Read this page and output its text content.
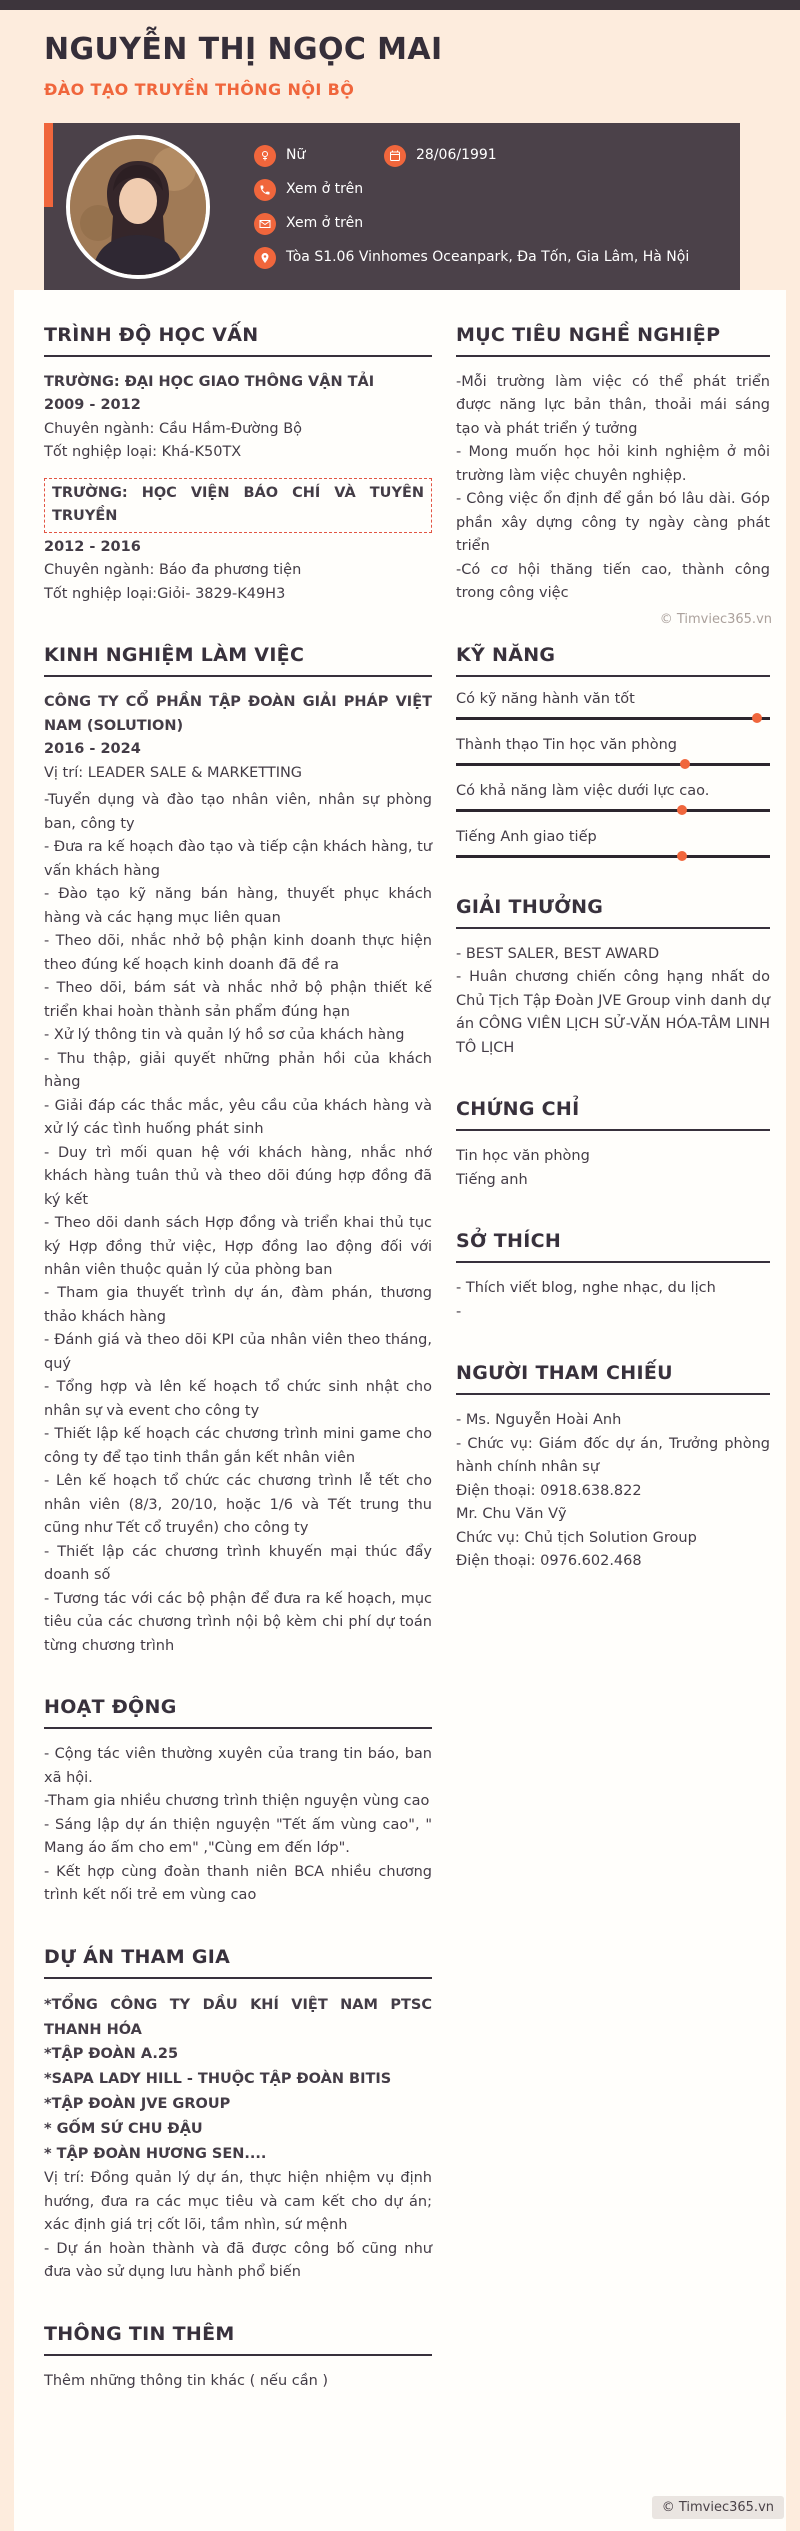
NGUYỄN THỊ NGỌC MAI
ĐÀO TẠO TRUYỀN THÔNG NỘI BỘ
Nữ	28/06/1991
Xem ở trên
Xem ở trên
Tòa S1.06 Vinhomes Oceanpark, Đa Tốn, Gia Lâm, Hà Nội
TRÌNH ĐỘ HỌC VẤN

TRƯỜNG: ĐẠI HỌC GIAO THÔNG VẬN TẢI

2009 - 2012

Chuyên ngành: Cầu Hầm-Đường Bộ

Tốt nghiệp loại: Khá-K50TX

TRƯỜNG: HỌC VIỆN BÁO CHÍ VÀ TUYÊN TRUYỀN

2012 - 2016

Chuyên ngành: Báo đa phương tiện

Tốt nghiệp loại:Giỏi- 3829-K49H3

KINH NGHIỆM LÀM VIỆC

CÔNG TY CỔ PHẦN TẬP ĐOÀN GIẢI PHÁP VIỆT NAM (SOLUTION)

2016 - 2024

Vị trí: LEADER SALE & MARKETTING

-Tuyển dụng và đào tạo nhân viên, nhân sự phòng ban, công ty

- Đưa ra kế hoạch đào tạo và tiếp cận khách hàng, tư vấn khách hàng

- Đào tạo kỹ năng bán hàng, thuyết phục khách hàng và các hạng mục liên quan

- Theo dõi, nhắc nhở bộ phận kinh doanh thực hiện theo đúng kế hoạch kinh doanh đã đề ra

- Theo dõi, bám sát và nhắc nhở bộ phận thiết kế triển khai hoàn thành sản phẩm đúng hạn

- Xử lý thông tin và quản lý hồ sơ của khách hàng

- Thu thập, giải quyết những phản hồi của khách hàng

- Giải đáp các thắc mắc, yêu cầu của khách hàng và xử lý các tình huống phát sinh

- Duy trì mối quan hệ với khách hàng, nhắc nhớ khách hàng tuân thủ và theo dõi đúng hợp đồng đã ký kết

- Theo dõi danh sách Hợp đồng và triển khai thủ tục ký Hợp đồng thử việc, Hợp đồng lao động đối với nhân viên thuộc quản lý của phòng ban

- Tham gia thuyết trình dự án, đàm phán, thương thảo khách hàng

- Đánh giá và theo dõi KPI của nhân viên theo tháng, quý

- Tổng hợp và lên kế hoạch tổ chức sinh nhật cho nhân sự và event cho công ty

- Thiết lập kế hoạch các chương trình mini game cho công ty để tạo tinh thần gắn kết nhân viên

- Lên kế hoạch tổ chức các chương trình lễ tết cho nhân viên (8/3, 20/10, hoặc 1/6 và Tết trung thu cũng như Tết cổ truyền) cho công ty

- Thiết lập các chương trình khuyến mại thúc đẩy doanh số

- Tương tác với các bộ phận để đưa ra kế hoạch, mục tiêu của các chương trình nội bộ kèm chi phí dự toán từng chương trình

HOẠT ĐỘNG

- Cộng tác viên thường xuyên của trang tin báo, ban xã hội.

-Tham gia nhiều chương trình thiện nguyện vùng cao

- Sáng lập dự án thiện nguyện "Tết ấm vùng cao", " Mang áo ấm cho em" ,"Cùng em đến lớp".

- Kết hợp cùng đoàn thanh niên BCA nhiều chương trình kết nối trẻ em vùng cao

DỰ ÁN THAM GIA

*TỔNG CÔNG TY DẦU KHÍ VIỆT NAM PTSC THANH HÓA

*TẬP ĐOÀN A.25

*SAPA LADY HILL - THUỘC TẬP ĐOÀN BITIS

*TẬP ĐOÀN JVE GROUP

* GỐM SỨ CHU ĐẬU

* TẬP ĐOÀN HƯƠNG SEN....

Vị trí: Đồng quản lý dự án, thực hiện nhiệm vụ định hướng, đưa ra các mục tiêu và cam kết cho dự án; xác định giá trị cốt lõi, tầm nhìn, sứ mệnh

- Dự án hoàn thành và đã được công bố cũng như đưa vào sử dụng lưu hành phổ biến

THÔNG TIN THÊM

Thêm những thông tin khác ( nếu cần )

MỤC TIÊU NGHỀ NGHIỆP

-Mỗi trường làm việc có thể phát triển được năng lực bản thân, thoải mái sáng tạo và phát triển ý tưởng

- Mong muốn học hỏi kinh nghiệm ở môi trường làm việc chuyên nghiệp.

- Công việc ổn định để gắn bó lâu dài. Góp phần xây dựng công ty ngày càng phát triển

-Có cơ hội thăng tiến cao, thành công trong công việc

KỸ NĂNG
Có kỹ năng hành văn tốt
Thành thạo Tin học văn phòng
Có khả năng làm việc dưới lực cao.
Tiếng Anh giao tiếp
GIẢI THƯỞNG

- BEST SALER, BEST AWARD

- Huân chương chiến công hạng nhất do Chủ Tịch Tập Đoàn JVE Group vinh danh dự án CÔNG VIÊN LỊCH SỬ-VĂN HÓA-TÂM LINH TÔ LỊCH

CHỨNG CHỈ

Tin học văn phòng

Tiếng anh

SỞ THÍCH

- Thích viết blog, nghe nhạc, du lịch

-

NGƯỜI THAM CHIẾU

- Ms. Nguyễn Hoài Anh

- Chức vụ: Giám đốc dự án, Trưởng phòng hành chính nhân sự

Điện thoại: 0918.638.822

Mr. Chu Văn Vỹ

Chức vụ: Chủ tịch Solution Group

Điện thoại: 0976.602.468

© Timviec365.vn
© Timviec365.vn
